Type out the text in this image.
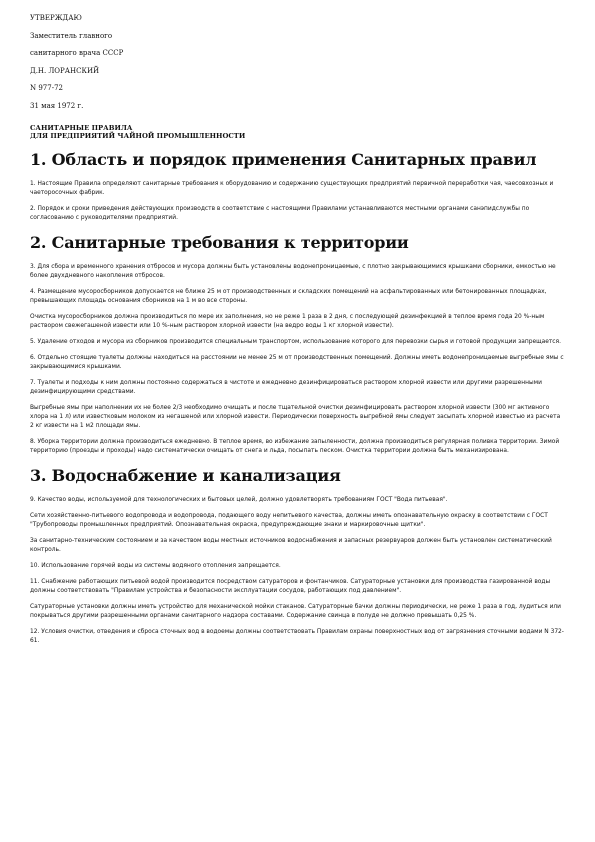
УТВЕРЖДАЮ
Заместитель главного
санитарного врача СССР
Д.Н. ЛОРАНСКИЙ
N 977-72
31 мая 1972 г.
САНИТАРНЫЕ ПРАВИЛА
ДЛЯ ПРЕДПРИЯТИЙ ЧАЙНОЙ ПРОМЫШЛЕННОСТИ
1. Область и порядок применения Санитарных правил

1. Настоящие Правила определяют санитарные требования к оборудованию и содержанию существующих предприятий первичной переработки чая, чаесовхозных и чаеторосочных фабрик.

2. Порядок и сроки приведения действующих производств в соответствие с настоящими Правилами устанавливаются местными органами санэпидслужбы по согласованию с руководителями предприятий.

2. Санитарные требования к территории

3. Для сбора и временного хранения отбросов и мусора должны быть установлены водонепроницаемые, с плотно закрывающимися крышками сборники, емкостью не более двухдневного накопления отбросов.

4. Размещение мусоросборников допускается не ближе 25 м от производственных и складских помещений на асфальтированных или бетонированных площадках, превышающих площадь основания сборников на 1 м во все стороны.

Очистка мусоросборников должна производиться по мере их заполнения, но не реже 1 раза в 2 дня, с последующей дезинфекцией в теплое время года 20 %-ным раствором свежегашеной извести или 10 %-ным раствором хлорной извести (на ведро воды 1 кг хлорной извести).

5. Удаление отходов и мусора из сборников производится специальным транспортом, использование которого для перевозки сырья и готовой продукции запрещается.

6. Отдельно стоящие туалеты должны находиться на расстоянии не менее 25 м от производственных помещений. Должны иметь водонепроницаемые выгребные ямы с закрывающимися крышками.

7. Туалеты и подходы к ним должны постоянно содержаться в чистоте и ежедневно дезинфицироваться раствором хлорной извести или другими разрешенными дезинфицирующими средствами.

Выгребные ямы при наполнении их не более 2/3 необходимо очищать и после тщательной очистки дезинфицировать раствором хлорной извести (300 мг активного хлора на 1 л) или известковым молоком из негашеной или хлорной извести. Периодически поверхность выгребной ямы следует засыпать хлорной известью из расчета 2 кг извести на 1 м2 площади ямы.

8. Уборка территории должна производиться ежедневно. В теплое время, во избежание запыленности, должна производиться регулярная поливка территории. Зимой территорию (проезды и проходы) надо систематически очищать от снега и льда, посыпать песком. Очистка территории должна быть механизирована.

3. Водоснабжение и канализация

9. Качество воды, используемой для технологических и бытовых целей, должно удовлетворять требованиям ГОСТ "Вода питьевая".

Сети хозяйственно-питьевого водопровода и водопровода, подающего воду непитьевого качества, должны иметь опознавательную окраску в соответствии с ГОСТ "Трубопроводы промышленных предприятий. Опознавательная окраска, предупреждающие знаки и маркировочные щитки".

За санитарно-техническим состоянием и за качеством воды местных источников водоснабжения и запасных резервуаров должен быть установлен систематический контроль.

10. Использование горячей воды из системы водяного отопления запрещается.

11. Снабжение работающих питьевой водой производится посредством сатураторов и фонтанчиков. Сатураторные установки для производства газированной воды должны соответствовать "Правилам устройства и безопасности эксплуатации сосудов, работающих под давлением".

Сатураторные установки должны иметь устройство для механической мойки стаканов. Сатураторные бачки должны периодически, не реже 1 раза в год, лудиться или покрываться другими разрешенными органами санитарного надзора составами. Содержание свинца в полуде не должно превышать 0,25 %.

12. Условия очистки, отведения и сброса сточных вод в водоемы должны соответствовать Правилам охраны поверхностных вод от загрязнения сточными водами N 372-61.
